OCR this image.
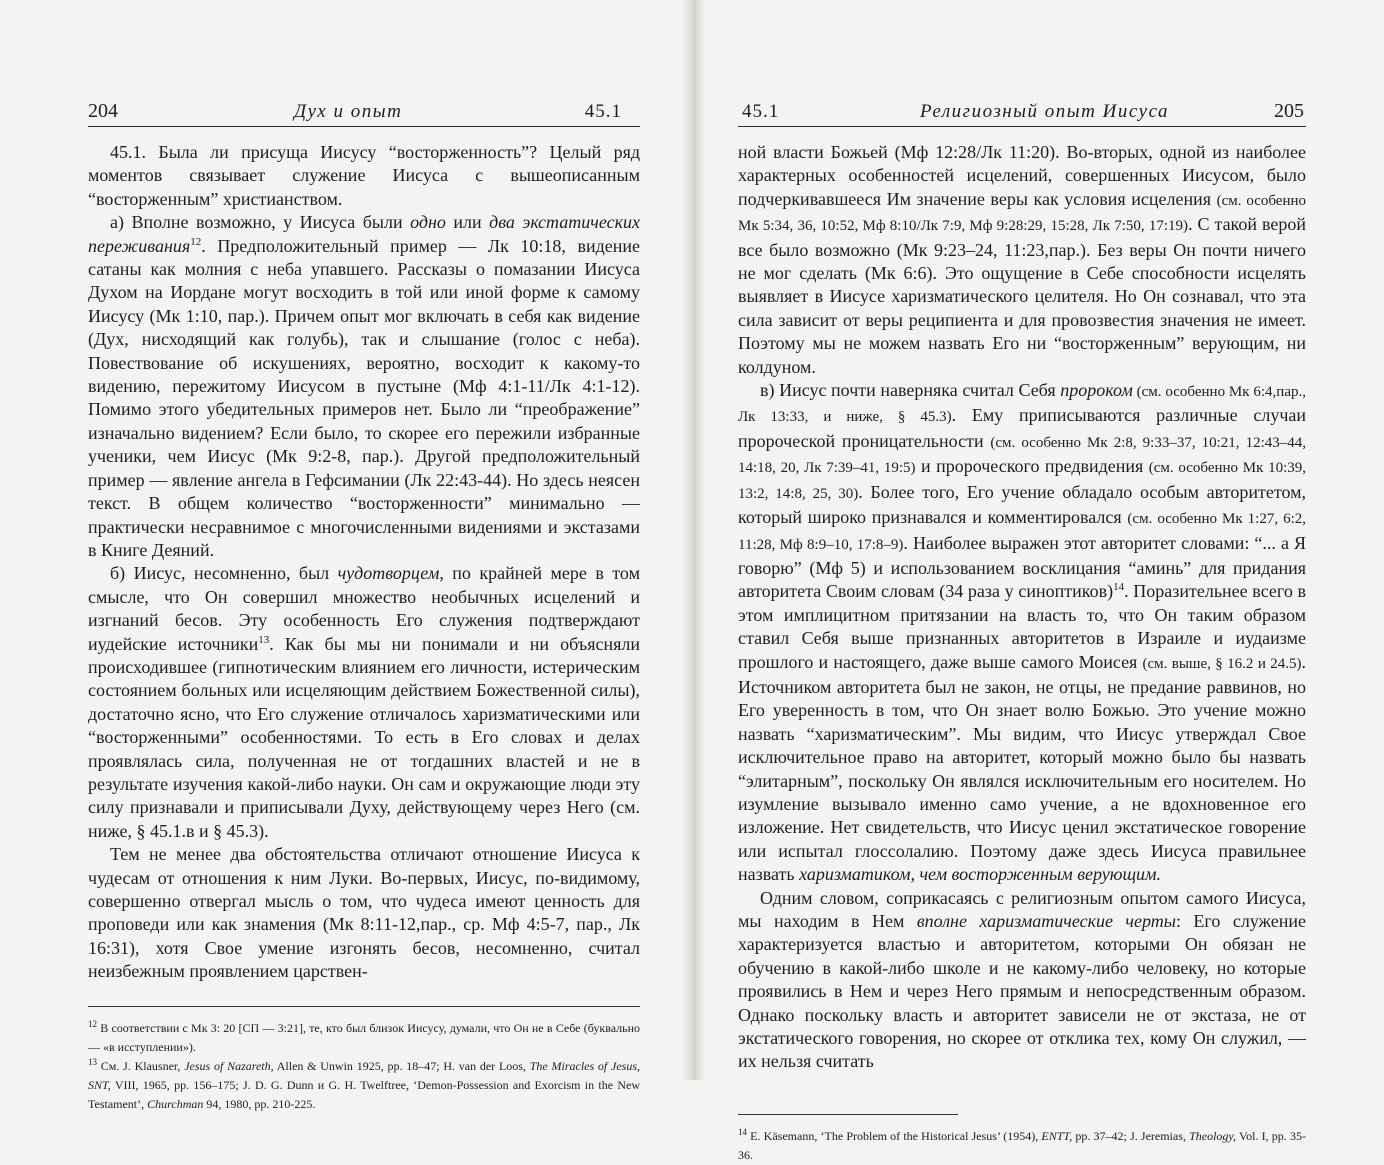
204	Дух и опыт	45.1

45.1. Была ли присуща Иисусу “восторженность”? Целый ряд моментов связывает служение Иисуса с вышеописанным “восторженным” христианством.

а) Вполне возможно, у Иисуса были одно или два экстатических переживания$^{12}$. Предположительный пример — Лк 10:18, видение сатаны как молния с неба упавшего. Рассказы о помазании Иисуса Духом на Иордане могут восходить в той или иной форме к самому Иисусу (Мк 1:10, пар.). Причем опыт мог включать в себя как видение (Дух, нисходящий как голубь), так и слышание (голос с неба). Повествование об искушениях, вероятно, восходит к какому-то видению, пережитому Иисусом в пустыне (Мф 4:1-11/Лк 4:1-12). Помимо этого убедительных примеров нет. Было ли “преображение” изначально видением? Если было, то скорее его пережили избранные ученики, чем Иисус (Мк 9:2-8, пар.). Другой предположительный пример — явление ангела в Гефсимании (Лк 22:43-44). Но здесь неясен текст. В общем количество “восторженности” минимально — практически несравнимое с многочисленными видениями и экстазами в Книге Деяний.

б) Иисус, несомненно, был чудотворцем, по крайней мере в том смысле, что Он совершил множество необычных исцелений и изгнаний бесов. Эту особенность Его служения подтверждают иудейские источники$^{13}$. Как бы мы ни понимали и ни объясняли происходившее (гипнотическим влиянием его личности, истерическим состоянием больных или исцеляющим действием Божественной силы), достаточно ясно, что Его служение отличалось харизматическими или “восторженными” особенностями. То есть в Его словах и делах проявлялась сила, полученная не от тогдашних властей и не в результате изучения какой-либо науки. Он сам и окружающие люди эту силу признавали и приписывали Духу, действующему через Него (см. ниже, § 45.1.в и § 45.3).

Тем не менее два обстоятельства отличают отношение Иисуса к чудесам от отношения к ним Луки. Во-первых, Иисус, по-видимому, совершенно отвергал мысль о том, что чудеса имеют ценность для проповеди или как знамения (Мк 8:11-12,пар., ср. Мф 4:5-7, пар., Лк 16:31), хотя Свое умение изгонять бесов, несомненно, считал неизбежным проявлением царствен-

$^{12}$ В соответствии с Мк 3: 20 [СП — 3:21], те, кто был близок Иисусу, думали, что Он не в Себе (буквально — «в исступлении»).

$^{13}$ См. J. Klausner, Jesus of Nazareth, Allen & Unwin 1925, pp. 18–47; H. van der Loos, The Miracles of Jesus, SNT, VIII, 1965, pp. 156–175; J. D. G. Dunn и G. H. Twelftree, ‘Demon-Possession and Exorcism in the New Testament’, Churchman 94, 1980, pp. 210-225.

45.1	Религиозный опыт Иисуса	205

ной власти Божьей (Мф 12:28/Лк 11:20). Во-вторых, одной из наиболее характерных особенностей исцелений, совершенных Иисусом, было подчеркивавшееся Им значение веры как условия исцеления (см. особенно Мк 5:34, 36, 10:52, Мф 8:10/Лк 7:9, Мф 9:28:29, 15:28, Лк 7:50, 17:19). С такой верой все было возможно (Мк 9:23–24, 11:23,пар.). Без веры Он почти ничего не мог сделать (Мк 6:6). Это ощущение в Себе способности исцелять выявляет в Иисусе харизматического целителя. Но Он сознавал, что эта сила зависит от веры реципиента и для провозвестия значения не имеет. Поэтому мы не можем назвать Его ни “восторженным” верующим, ни колдуном.

в) Иисус почти наверняка считал Себя пророком (см. особенно Мк 6:4,пар., Лк 13:33, и ниже, § 45.3). Ему приписываются различные случаи пророческой проницательности (см. особенно Мк 2:8, 9:33–37, 10:21, 12:43–44, 14:18, 20, Лк 7:39–41, 19:5) и пророческого предвидения (см. особенно Мк 10:39, 13:2, 14:8, 25, 30). Более того, Его учение обладало особым авторитетом, который широко признавался и комментировался (см. особенно Мк 1:27, 6:2, 11:28, Мф 8:9–10, 17:8–9). Наиболее выражен этот авторитет словами: “... а Я говорю” (Мф 5) и использованием восклицания “аминь” для придания авторитета Своим словам (34 раза у синоптиков)$^{14}$. Поразительнее всего в этом имплицитном притязании на власть то, что Он таким образом ставил Себя выше признанных авторитетов в Израиле и иудаизме прошлого и настоящего, даже выше самого Моисея (см. выше, § 16.2 и 24.5). Источником авторитета был не закон, не отцы, не предание раввинов, но Его уверенность в том, что Он знает волю Божью. Это учение можно назвать “харизматическим”. Мы видим, что Иисус утверждал Свое исключительное право на авторитет, который можно было бы назвать “элитарным”, поскольку Он являлся исключительным его носителем. Но изумление вызывало именно само учение, а не вдохновенное его изложение. Нет свидетельств, что Иисус ценил экстатическое говорение или испытал глоссолалию. Поэтому даже здесь Иисуса правильнее назвать харизматиком, чем восторженным верующим.

Одним словом, соприкасаясь с религиозным опытом самого Иисуса, мы находим в Нем вполне харизматические черты: Его служение характеризуется властью и авторитетом, которыми Он обязан не обучению в какой-либо школе и не какому-либо человеку, но которые проявились в Нем и через Него прямым и непосредственным образом. Однако поскольку власть и авторитет зависели не от экстаза, не от экстатического говорения, но скорее от отклика тех, кому Он служил, — их нельзя считать

$^{14}$ E. Käsemann, ‘The Problem of the Historical Jesus’ (1954), ENTT, pp. 37–42; J. Jeremias, Theology, Vol. I, pp. 35-36.
